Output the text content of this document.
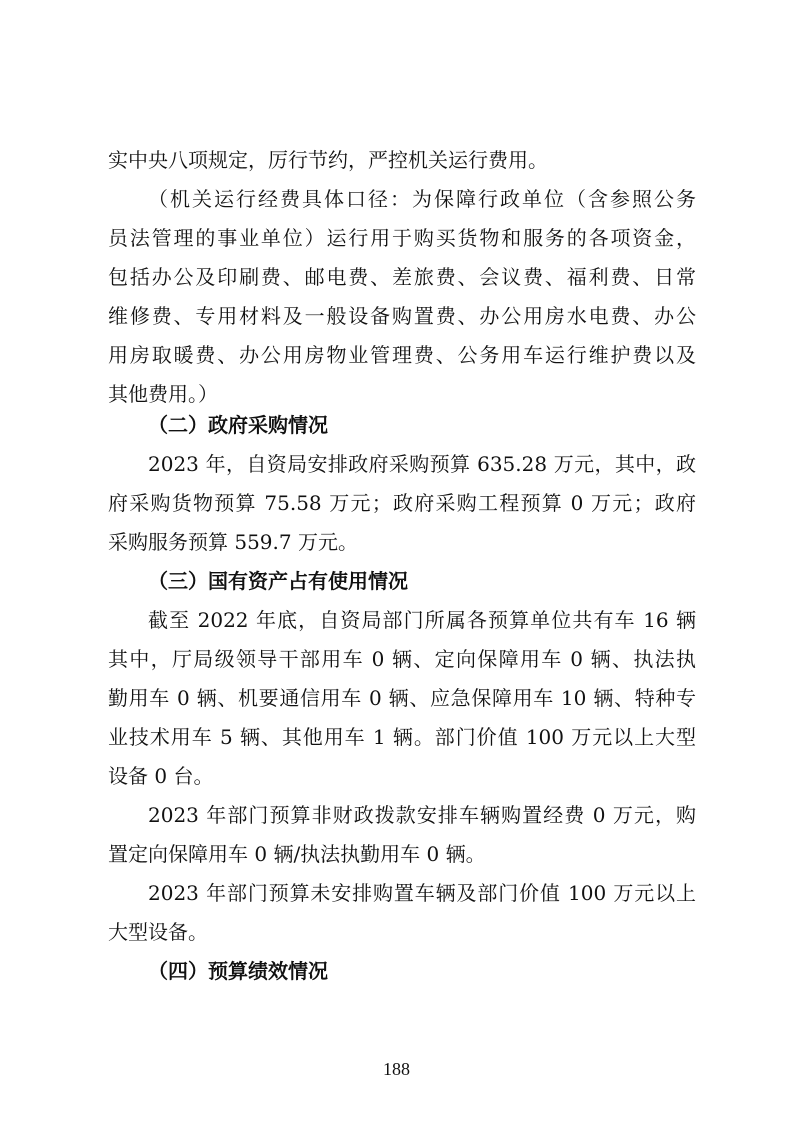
实中央八项规定，厉行节约，严控机关运行费用。
（机关运行经费具体口径：为保障行政单位（含参照公务
员法管理的事业单位）运行用于购买货物和服务的各项资金，
包括办公及印刷费、邮电费、差旅费、会议费、福利费、日常
维修费、专用材料及一般设备购置费、办公用房水电费、办公
用房取暖费、办公用房物业管理费、公务用车运行维护费以及
其他费用。）
（二）政府采购情况
2023 年，自资局安排政府采购预算 635.28 万元，其中，政
府采购货物预算 75.58 万元；政府采购工程预算 0 万元；政府
采购服务预算 559.7 万元。
（三）国有资产占有使用情况
截至 2022 年底，自资局部门所属各预算单位共有车 16 辆
其中，厅局级领导干部用车 0 辆、定向保障用车 0 辆、执法执
勤用车 0 辆、机要通信用车 0 辆、应急保障用车 10 辆、特种专
业技术用车 5 辆、其他用车 1 辆。部门价值 100 万元以上大型
设备 0 台。
2023 年部门预算非财政拨款安排车辆购置经费 0 万元，购
置定向保障用车 0 辆/执法执勤用车 0 辆。
2023 年部门预算未安排购置车辆及部门价值 100 万元以上
大型设备。
（四）预算绩效情况
188
